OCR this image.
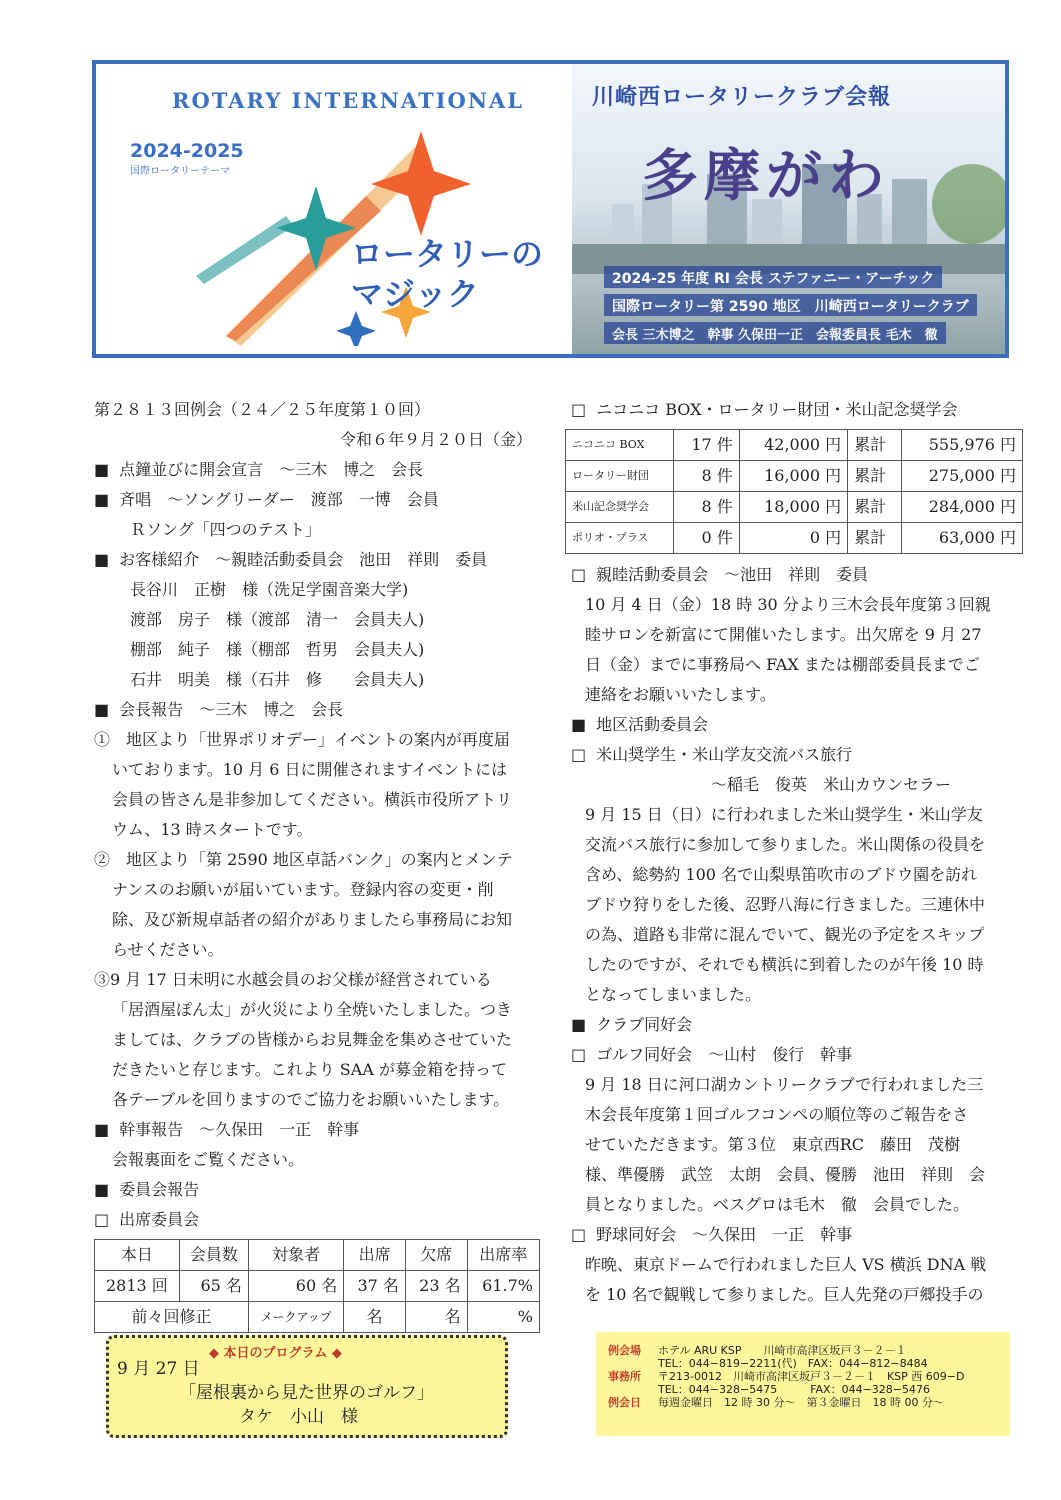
ROTARY INTERNATIONAL
2024-2025
国際ロータリーテーマ
ロータリーの
マジック
川崎西ロータリークラブ会報
多摩がわ
2024-25 年度 RI 会長 ステファニー・アーチック
国際ロータリー第 2590 地区　川崎西ロータリークラブ
会長 三木博之　幹事 久保田一正　会報委員長 毛木　徹
第２８１３回例会（２４／２５年度第１０回）
令和６年９月２０日（金）
■ 点鐘並びに開会宣言　～三木　博之　会長
■ 斉唱　～ソングリーダー　渡部　一博　会員
Ｒソング「四つのテスト」
■ お客様紹介　～親睦活動委員会　池田　祥則　委員
長谷川　正樹　様（洗足学園音楽大学)
渡部　房子　様（渡部　清一　会員夫人)
棚部　純子　様（棚部　哲男　会員夫人)
石井　明美　様（石井　修　　会員夫人)
■ 会長報告　～三木　博之　会長
①　地区より「世界ポリオデー」イベントの案内が再度届
いております。10 月 6 日に開催されますイベントには
会員の皆さん是非参加してください。横浜市役所アトリ
ウム、13 時スタートです。
②　地区より「第 2590 地区卓話バンク」の案内とメンテ
ナンスのお願いが届いています。登録内容の変更・削
除、及び新規卓話者の紹介がありましたら事務局にお知
らせください。
③9 月 17 日未明に水越会員のお父様が経営されている
「居酒屋ぽん太」が火災により全焼いたしました。つき
ましては、クラブの皆様からお見舞金を集めさせていた
だきたいと存じます。これより SAA が募金箱を持って
各テーブルを回りますのでご協力をお願いいたします。
■ 幹事報告　～久保田　一正　幹事
会報裏面をご覧ください。
■ 委員会報告
□ 出席委員会
本日	会員数	対象者	出席	欠席	出席率
2813 回	65 名	60 名	37 名	23 名	61.7%
前々回修正		メークアップ	名	名	%
□ ニコニコ BOX・ロータリー財団・米山記念奨学会
ニコニコ BOX	17 件	42,000 円	累計	555,976 円
ロータリー財団	8 件	16,000 円	累計	275,000 円
米山記念奨学会	8 件	18,000 円	累計	284,000 円
ポリオ・プラス	0 件	0 円	累計	63,000 円
□ 親睦活動委員会　～池田　祥則　委員
10 月 4 日（金）18 時 30 分より三木会長年度第３回親
睦サロンを新富にて開催いたします。出欠席を 9 月 27
日（金）までに事務局へ FAX または棚部委員長までご
連絡をお願いいたします。
■ 地区活動委員会
□ 米山奨学生・米山学友交流バス旅行
～稲毛　俊英　米山カウンセラー
9 月 15 日（日）に行われました米山奨学生・米山学友
交流バス旅行に参加して参りました。米山関係の役員を
含め、総勢約 100 名で山梨県笛吹市のブドウ園を訪れ
ブドウ狩りをした後、忍野八海に行きました。三連休中
の為、道路も非常に混んでいて、観光の予定をスキップ
したのですが、それでも横浜に到着したのが午後 10 時
となってしまいました。
■ クラブ同好会
□ ゴルフ同好会　～山村　俊行　幹事
9 月 18 日に河口湖カントリークラブで行われました三
木会長年度第１回ゴルフコンペの順位等のご報告をさ
せていただきます。第３位　東京西RC　藤田　茂樹
様、準優勝　武笠　太朗　会員、優勝　池田　祥則　会
員となりました。ベスグロは毛木　徹　会員でした。
□ 野球同好会　～久保田　一正　幹事
昨晩、東京ドームで行われました巨人 VS 横浜 DNA 戦
を 10 名で観戦して参りました。巨人先発の戸郷投手の
◆ 本日のプログラム ◆
9 月 27 日
「屋根裏から見た世界のゴルフ」
タケ　小山　様
例会場 ホテル ARU KSP　　川崎市高津区坂戸３－２－１
TEL：044−819−2211(代)　FAX：044−812−8484
事務所 〒213-0012　川崎市高津区坂戸３－２－１　KSP 西 609−D
TEL：044−328−5475　　　FAX：044−328−5476
例会日 毎週金曜日　12 時 30 分～　第３金曜日　18 時 00 分～
